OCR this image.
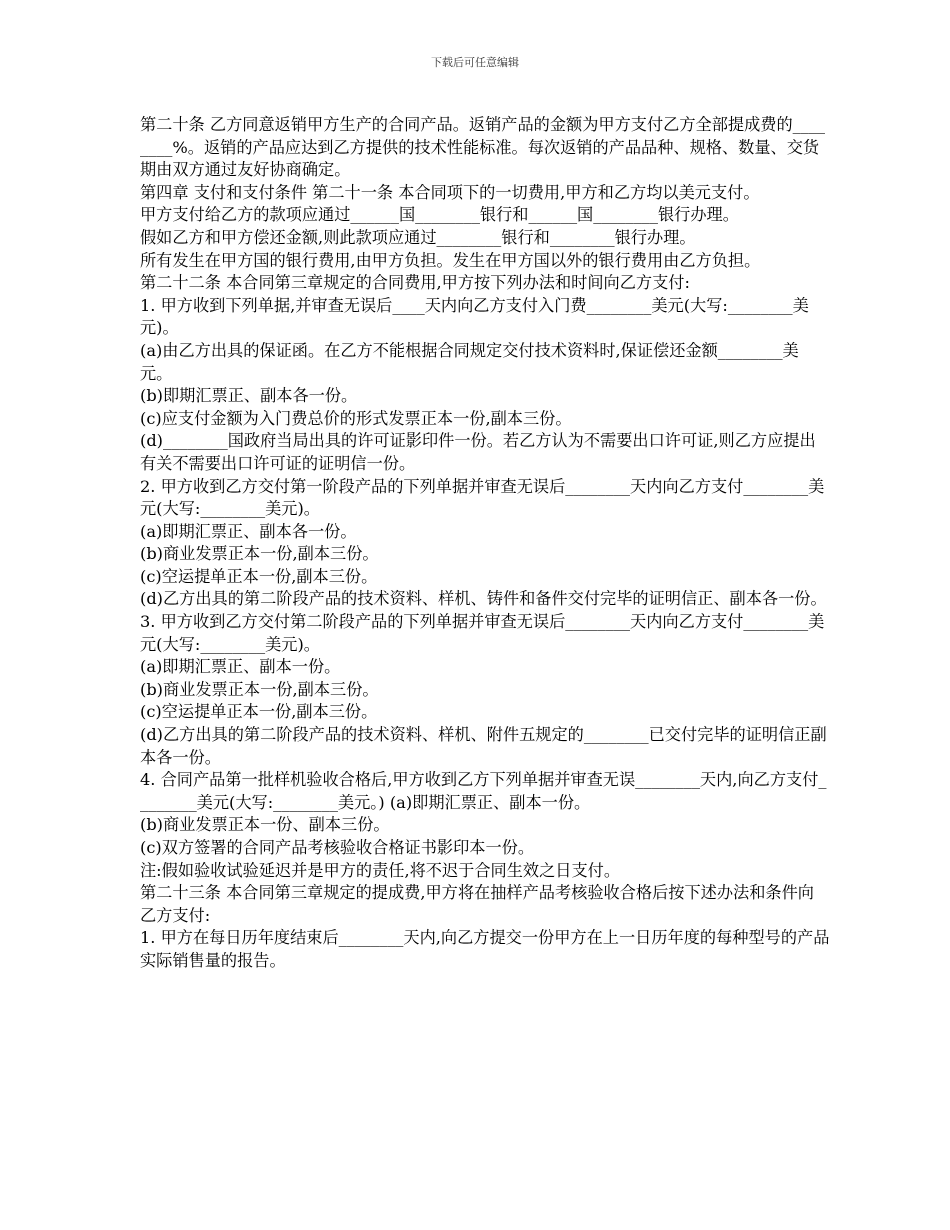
下载后可任意编辑

第二十条 乙方同意返销甲方生产的合同产品。返销产品的金额为甲方支付乙方全部提成费的________%。返销的产品应达到乙方提供的技术性能标准。每次返销的产品品种、规格、数量、交货期由双方通过友好协商确定。

第四章 支付和支付条件 第二十一条 本合同项下的一切费用,甲方和乙方均以美元支付。

甲方支付给乙方的款项应通过______国________银行和______国________银行办理。

假如乙方和甲方偿还金额,则此款项应通过________银行和________银行办理。

所有发生在甲方国的银行费用,由甲方负担。发生在甲方国以外的银行费用由乙方负担。

第二十二条 本合同第三章规定的合同费用,甲方按下列办法和时间向乙方支付:

1. 甲方收到下列单据,并审查无误后____天内向乙方支付入门费________美元(大写:________美元)。

(a)由乙方出具的保证函。在乙方不能根据合同规定交付技术资料时,保证偿还金额________美元。

(b)即期汇票正、副本各一份。

(c)应支付金额为入门费总价的形式发票正本一份,副本三份。

(d)________国政府当局出具的许可证影印件一份。若乙方认为不需要出口许可证,则乙方应提出有关不需要出口许可证的证明信一份。

2. 甲方收到乙方交付第一阶段产品的下列单据并审查无误后________天内向乙方支付________美元(大写:________美元)。

(a)即期汇票正、副本各一份。

(b)商业发票正本一份,副本三份。

(c)空运提单正本一份,副本三份。

(d)乙方出具的第二阶段产品的技术资料、样机、铸件和备件交付完毕的证明信正、副本各一份。

3. 甲方收到乙方交付第二阶段产品的下列单据并审查无误后________天内向乙方支付________美元(大写:________美元)。

(a)即期汇票正、副本一份。

(b)商业发票正本一份,副本三份。

(c)空运提单正本一份,副本三份。

(d)乙方出具的第二阶段产品的技术资料、样机、附件五规定的________已交付完毕的证明信正副本各一份。

4. 合同产品第一批样机验收合格后,甲方收到乙方下列单据并审查无误________天内,向乙方支付________美元(大写:________美元。) (a)即期汇票正、副本一份。

(b)商业发票正本一份、副本三份。

(c)双方签署的合同产品考核验收合格证书影印本一份。

注:假如验收试验延迟并是甲方的责任,将不迟于合同生效之日支付。

第二十三条 本合同第三章规定的提成费,甲方将在抽样产品考核验收合格后按下述办法和条件向乙方支付:

1. 甲方在每日历年度结束后________天内,向乙方提交一份甲方在上一日历年度的每种型号的产品实际销售量的报告。
